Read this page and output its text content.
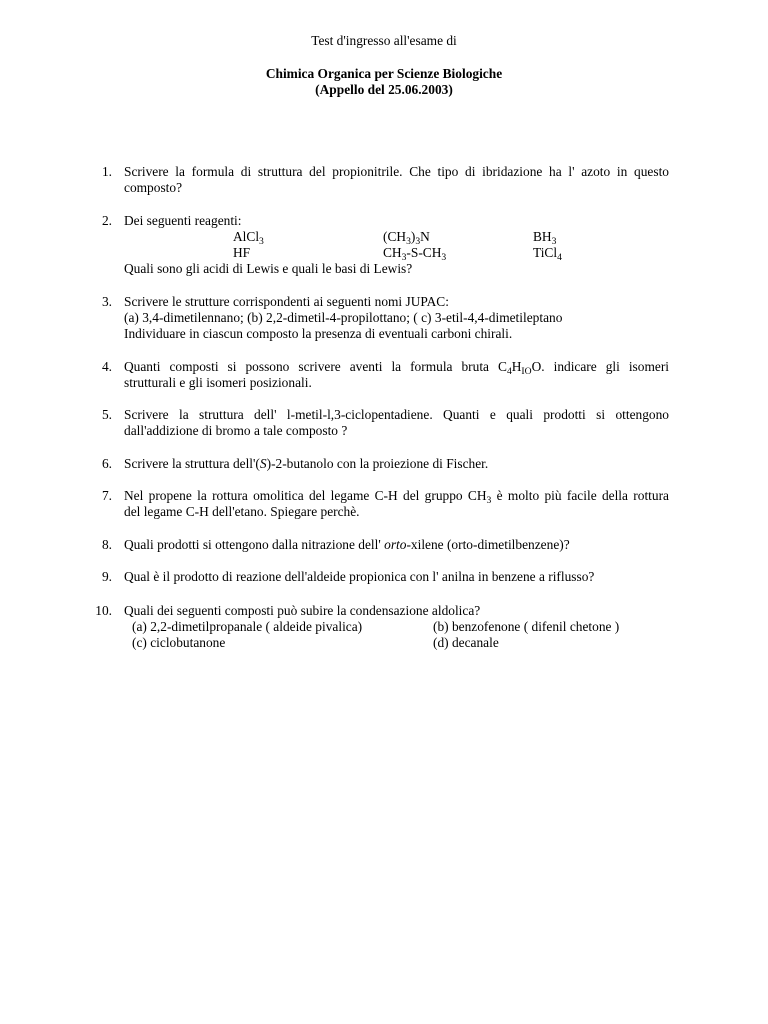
Test d'ingresso all'esame di
Chimica Organica per Scienze Biologiche
(Appello del 25.06.2003)
1. Scrivere la formula di struttura del propionitrile. Che tipo di ibridazione ha l' azoto in questo
composto?
2. Dei seguenti reagenti:
AlCl$_3$	$(CH_3)_3N$	$BH_3$
HF	$CH_3-S-CH_3$	TiCl$_4$
Quali sono gli acidi di Lewis e quali le basi di Lewis?
3. Scrivere le strutture corrispondenti ai seguenti nomi JUPAC:
(a) 3,4-dimetilennano; (b) 2,2-dimetil-4-propilottano; ( c) 3-etil-4,4-dimetileptano
Individuare in ciascun composto la presenza di eventuali carboni chirali.
4. Quanti composti si possono scrivere aventi la formula bruta $C_4H_{IO}O$. indicare gli isomeri
strutturali e gli isomeri posizionali.
5. Scrivere la struttura dell' l-metil-l,3-ciclopentadiene. Quanti e quali prodotti si ottengono
dall'addizione di bromo a tale composto ?
6. Scrivere la struttura dell'(S)-2-butanolo con la proiezione di Fischer.
7. Nel propene la rottura omolitica del legame C-H del gruppo $CH_3$ è molto più facile della rottura
del legame C-H dell'etano. Spiegare perchè.
8. Quali prodotti si ottengono dalla nitrazione dell' orto-xilene (orto-dimetilbenzene)?
9. Qual è il prodotto di reazione dell'aldeide propionica con l' anilna in benzene a riflusso?
10. Quali dei seguenti composti può subire la condensazione aldolica?
(a) 2,2-dimetilpropanale ( aldeide pivalica)	(b) benzofenone ( difenil chetone )
(c) ciclobutanone	(d) decanale
